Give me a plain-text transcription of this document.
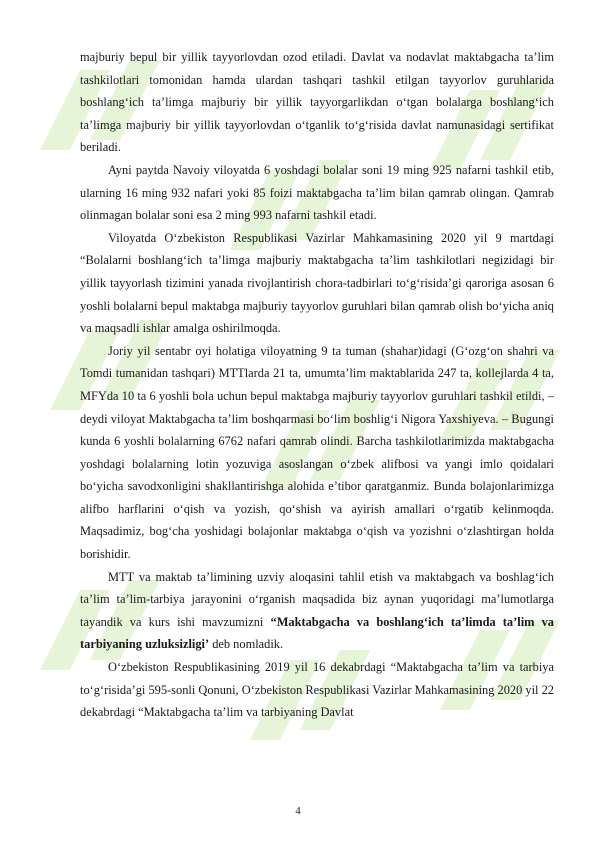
majburiy bepul bir yillik tayyorlovdan ozod etiladi. Davlat va nodavlat maktabgacha ta’lim tashkilotlari tomonidan hamda ulardan tashqari tashkil etilgan tayyorlov guruhlarida boshlang‘ich ta’limga majburiy bir yillik tayyorgarlikdan o‘tgan bolalarga boshlang‘ich ta’limga majburiy bir yillik tayyorlovdan o‘tganlik to‘g‘risida davlat namunasidagi sertifikat beriladi.

Ayni paytda Navoiy viloyatda 6 yoshdagi bolalar soni 19 ming 925 nafarni tashkil etib, ularning 16 ming 932 nafari yoki 85 foizi maktabgacha ta’lim bilan qamrab olingan. Qamrab olinmagan bolalar soni esa 2 ming 993 nafarni tashkil etadi.

Viloyatda O‘zbekiston Respublikasi Vazirlar Mahkamasining 2020 yil 9 martdagi “Bolalarni boshlang‘ich ta’limga majburiy maktabgacha ta’lim tashkilotlari negizidagi bir yillik tayyorlash tizimini yanada rivojlantirish chora-tadbirlari to‘g‘risida’gi qaroriga asosan 6 yoshli bolalarni bepul maktabga majburiy tayyorlov guruhlari bilan qamrab olish bo‘yicha aniq va maqsadli ishlar amalga oshirilmoqda.

Joriy yil sentabr oyi holatiga viloyatning 9 ta tuman (shahar)idagi (G‘ozg‘on shahri va Tomdi tumanidan tashqari) MTTlarda 21 ta, umumta’lim maktablarida 247 ta, kollejlarda 4 ta, MFYda 10 ta 6 yoshli bola uchun bepul maktabga majburiy tayyorlov guruhlari tashkil etildi, – deydi viloyat Maktabgacha ta’lim boshqarmasi bo‘lim boshlig‘i Nigora Yaxshiyeva. – Bugungi kunda 6 yoshli bolalarning 6762 nafari qamrab olindi. Barcha tashkilotlarimizda maktabgacha yoshdagi bolalarning lotin yozuviga asoslangan o‘zbek alifbosi va yangi imlo qoidalari bo‘yicha savodxonligini shakllantirishga alohida e’tibor qaratganmiz. Bunda bolajonlarimizga alifbo harflarini o‘qish va yozish, qo‘shish va ayirish amallari o‘rgatib kelinmoqda. Maqsadimiz, bog‘cha yoshidagi bolajonlar maktabga o‘qish va yozishni o‘zlashtirgan holda borishidir.

MTT va maktab ta’limining uzviy aloqasini tahlil etish va maktabgach va boshlag‘ich ta’lim ta’lim-tarbiya jarayonini o‘rganish maqsadida biz aynan yuqoridagi ma’lumotlarga tayandik va kurs ishi mavzumizni “Maktabgacha va boshlang‘ich ta’limda ta’lim va tarbiyaning uzluksizligi’ deb nomladik.

O‘zbekiston Respublikasining 2019 yil 16 dekabrdagi “Maktabgacha ta’lim va tarbiya to‘g‘risida’gi 595-sonli Qonuni, O‘zbekiston Respublikasi Vazirlar Mahkamasining 2020 yil 22 dekabrdagi “Maktabgacha ta’lim va tarbiyaning Davlat

4
